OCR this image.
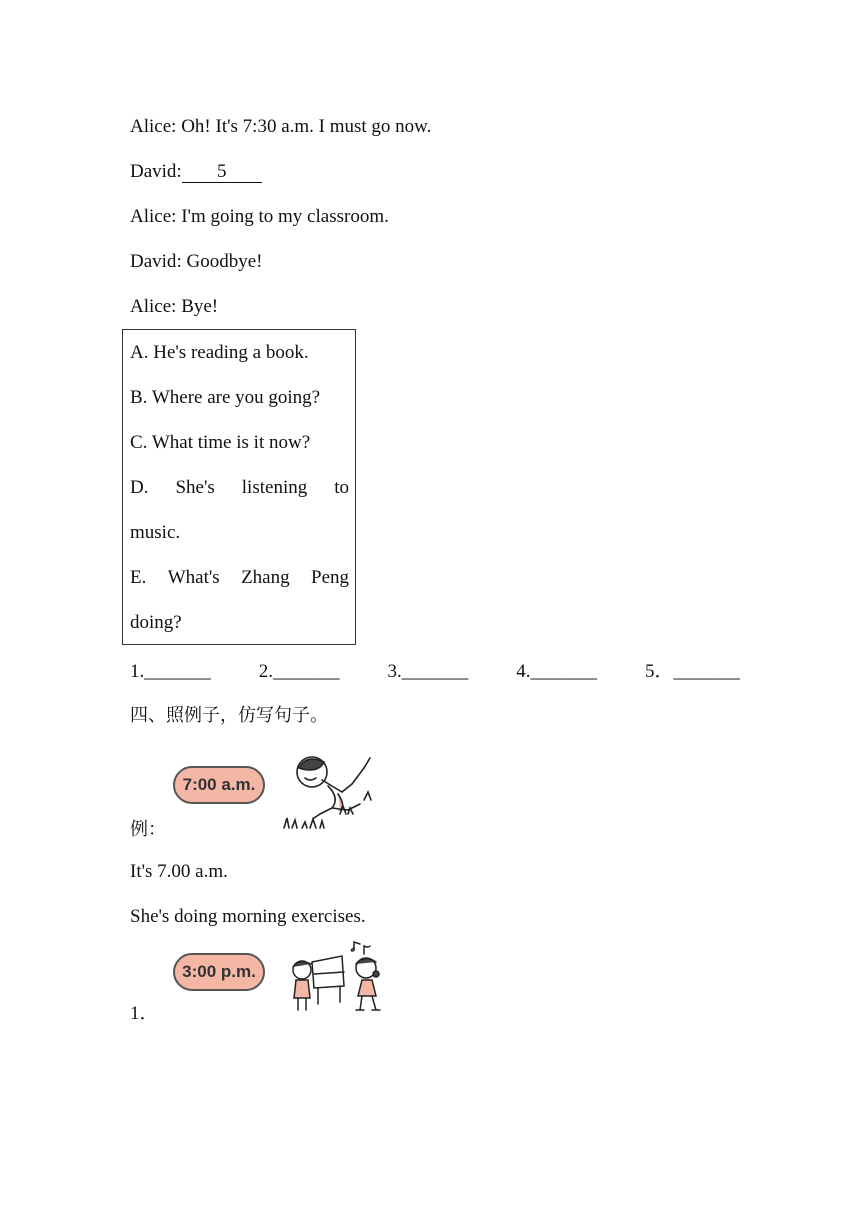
Alice: Oh! It's 7:30 a.m. I must go now.
David: 5
Alice: I'm going to my classroom.
David: Goodbye!
Alice: Bye!
A. He's reading a book.
B. Where are you going?
C. What time is it now?
D. She's listening to
music.
E. What's Zhang Peng
doing?
1._______	2._______	3._______	4._______	5．_______
四、照例子，仿写句子。
7:00 a.m.
例：
It's 7.00 a.m.
She's doing morning exercises.
3:00 p.m.
1．
